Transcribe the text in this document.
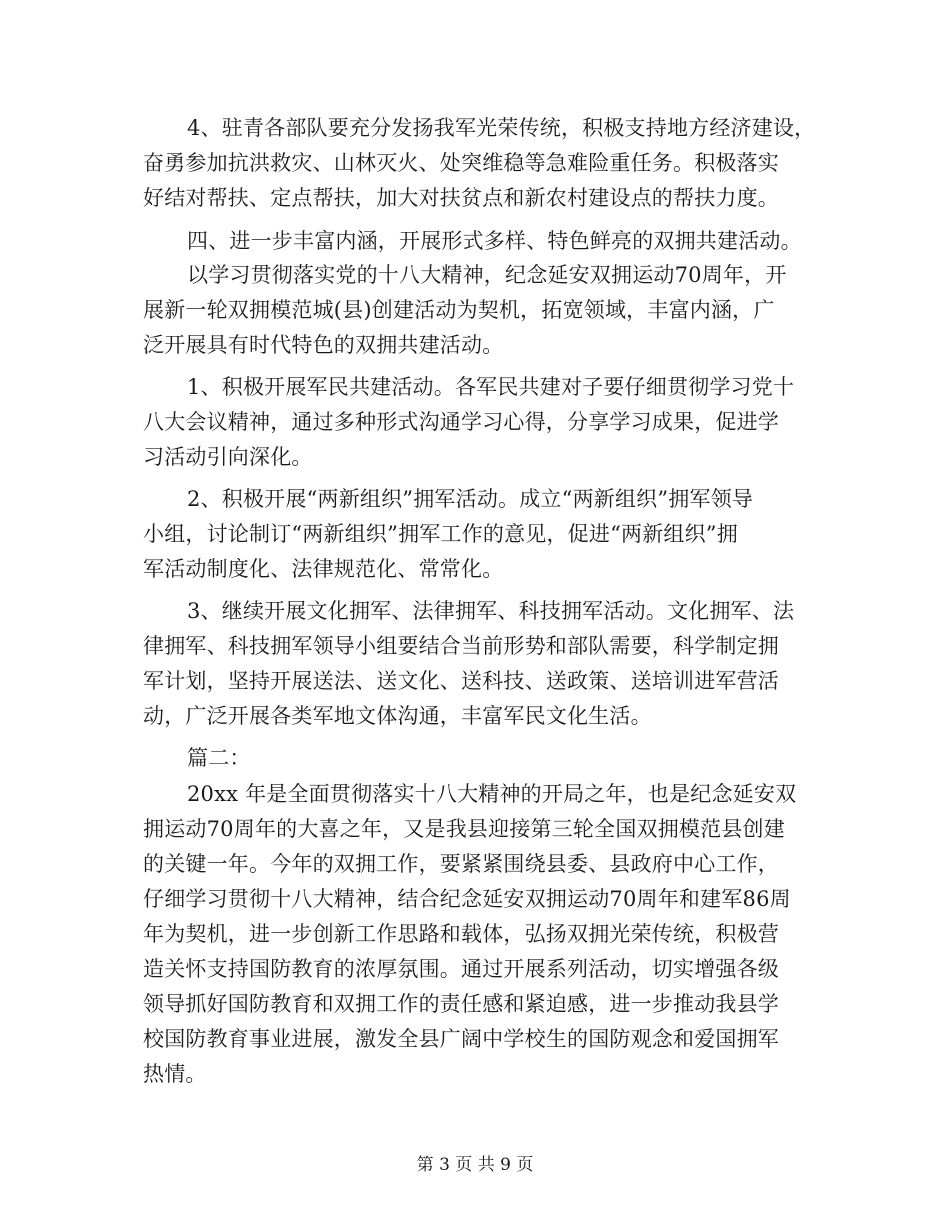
4、驻青各部队要充分发扬我军光荣传统，积极支持地方经济建设，
奋勇参加抗洪救灾、山林灭火、处突维稳等急难险重任务。积极落实
好结对帮扶、定点帮扶，加大对扶贫点和新农村建设点的帮扶力度。
四、进一步丰富内涵，开展形式多样、特色鲜亮的双拥共建活动。
以学习贯彻落实党的十八大精神，纪念延安双拥运动70周年，开
展新一轮双拥模范城(县)创建活动为契机，拓宽领域，丰富内涵，广
泛开展具有时代特色的双拥共建活动。
1、积极开展军民共建活动。各军民共建对子要仔细贯彻学习党十
八大会议精神，通过多种形式沟通学习心得，分享学习成果，促进学
习活动引向深化。
2、积极开展“两新组织”拥军活动。成立“两新组织”拥军领导
小组，讨论制订“两新组织”拥军工作的意见，促进“两新组织”拥
军活动制度化、法律规范化、常常化。
3、继续开展文化拥军、法律拥军、科技拥军活动。文化拥军、法
律拥军、科技拥军领导小组要结合当前形势和部队需要，科学制定拥
军计划，坚持开展送法、送文化、送科技、送政策、送培训进军营活
动，广泛开展各类军地文体沟通，丰富军民文化生活。
篇二：
20xx 年是全面贯彻落实十八大精神的开局之年，也是纪念延安双
拥运动70周年的大喜之年，又是我县迎接第三轮全国双拥模范县创建
的关键一年。今年的双拥工作，要紧紧围绕县委、县政府中心工作，
仔细学习贯彻十八大精神，结合纪念延安双拥运动70周年和建军86周
年为契机，进一步创新工作思路和载体，弘扬双拥光荣传统，积极营
造关怀支持国防教育的浓厚氛围。通过开展系列活动，切实增强各级
领导抓好国防教育和双拥工作的责任感和紧迫感，进一步推动我县学
校国防教育事业进展，激发全县广阔中学校生的国防观念和爱国拥军
热情。
第 3 页 共 9 页
